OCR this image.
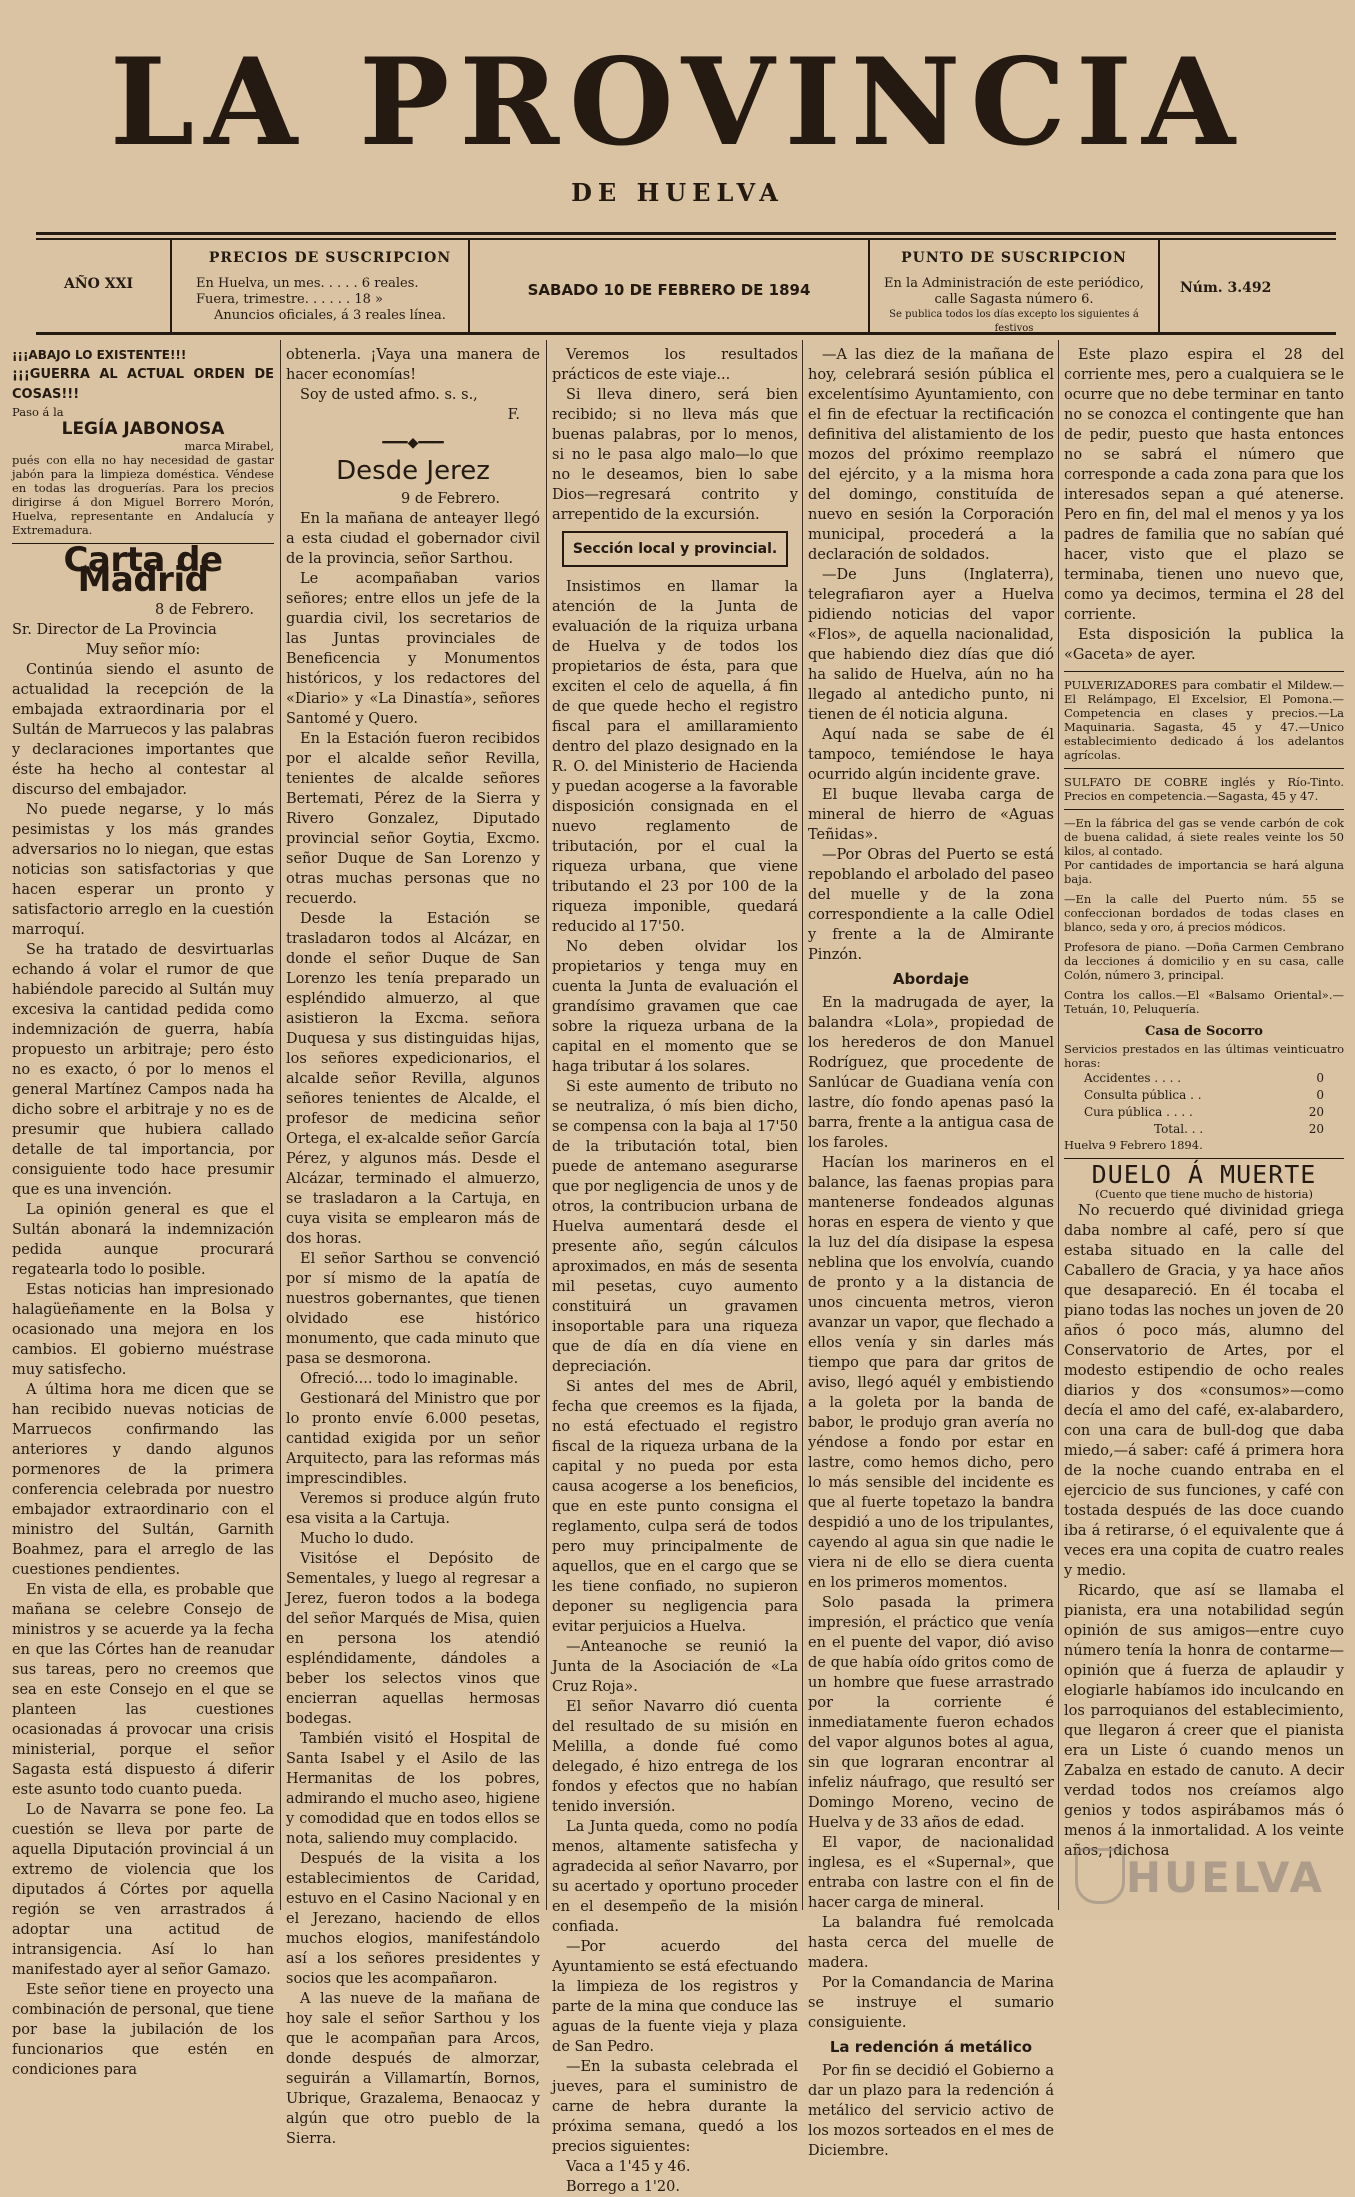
LA PROVINCIA
DE HUELVA
AÑO XXI
PRECIOS DE SUSCRIPCION
En Huelva, un mes. . . . . 6 reales.
Fuera, trimestre. . . . . . 18 »
Anuncios oficiales, á 3 reales línea.
SABADO 10 DE FEBRERO DE 1894
PUNTO DE SUSCRIPCION
En la Administración de este periódico,
calle Sagasta número 6.
Se publica todos los días excepto los siguientes á festivos
Núm. 3.492
¡¡¡ABAJO LO EXISTENTE!!!
¡¡¡GUERRA AL ACTUAL ORDEN DE COSAS!!!
Paso á la
LEGÍA JABONOSA
marca Mirabel,
pués con ella no hay necesidad de gastar jabón para la limpieza doméstica. Véndese en todas las droguerías. Para los precios dirigirse á don Miguel Borrero Morón, Huelva, representante en Andalucía y Extremadura.
Carta de Madrid
8 de Febrero.
Sr. Director de La Provincia
Muy señor mío:

Continúa siendo el asunto de actualidad la recepción de la embajada extraordinaria por el Sultán de Marruecos y las palabras y declaraciones importantes que éste ha hecho al contestar al discurso del embajador.

No puede negarse, y lo más pesimistas y los más grandes adversarios no lo niegan, que estas noticias son satisfactorias y que hacen esperar un pronto y satisfactorio arreglo en la cuestión marroquí.

Se ha tratado de desvirtuarlas echando á volar el rumor de que habiéndole parecido al Sultán muy excesiva la cantidad pedida como indemnización de guerra, había propuesto un arbitraje; pero ésto no es exacto, ó por lo menos el general Martínez Campos nada ha dicho sobre el arbitraje y no es de presumir que hubiera callado detalle de tal importancia, por consiguiente todo hace presumir que es una invención.

La opinión general es que el Sultán abonará la indemnización pedida aunque procurará regatearla todo lo posible.

Estas noticias han impresionado halagüeñamente en la Bolsa y ocasionado una mejora en los cambios. El gobierno muéstrase muy satisfecho.

A última hora me dicen que se han recibido nuevas noticias de Marruecos confirmando las anteriores y dando algunos pormenores de la primera conferencia celebrada por nuestro embajador extraordinario con el ministro del Sultán, Garnith Boahmez, para el arreglo de las cuestiones pendientes.

En vista de ella, es probable que mañana se celebre Consejo de ministros y se acuerde ya la fecha en que las Córtes han de reanudar sus tareas, pero no creemos que sea en este Consejo en el que se planteen las cuestiones ocasionadas á provocar una crisis ministerial, porque el señor Sagasta está dispuesto á diferir este asunto todo cuanto pueda.

Lo de Navarra se pone feo. La cuestión se lleva por parte de aquella Diputación provincial á un extremo de violencia que los diputados á Córtes por aquella región se ven arrastrados á adoptar una actitud de intransigencia. Así lo han manifestado ayer al señor Gamazo.

Este señor tiene en proyecto una combinación de personal, que tiene por base la jubilación de los funcionarios que estén en condiciones para

obtenerla. ¡Vaya una manera de hacer economías!

Soy de usted afmo. s. s.,

F.
━━━◆━━━
Desde Jerez
9 de Febrero.

En la mañana de anteayer llegó a esta ciudad el gobernador civil de la provincia, señor Sarthou.

Le acompañaban varios señores; entre ellos un jefe de la guardia civil, los secretarios de las Juntas provinciales de Beneficencia y Monumentos históricos, y los redactores del «Diario» y «La Dinastía», señores Santomé y Quero.

En la Estación fueron recibidos por el alcalde señor Revilla, tenientes de alcalde señores Bertemati, Pérez de la Sierra y Rivero Gonzalez, Diputado provincial señor Goytia, Excmo. señor Duque de San Lorenzo y otras muchas personas que no recuerdo.

Desde la Estación se trasladaron todos al Alcázar, en donde el señor Duque de San Lorenzo les tenía preparado un espléndido almuerzo, al que asistieron la Excma. señora Duquesa y sus distinguidas hijas, los señores expedicionarios, el alcalde señor Revilla, algunos señores tenientes de Alcalde, el profesor de medicina señor Ortega, el ex-alcalde señor García Pérez, y algunos más. Desde el Alcázar, terminado el almuerzo, se trasladaron a la Cartuja, en cuya visita se emplearon más de dos horas.

El señor Sarthou se convenció por sí mismo de la apatía de nuestros gobernantes, que tienen olvidado ese histórico monumento, que cada minuto que pasa se desmorona.

Ofreció.... todo lo imaginable.

Gestionará del Ministro que por lo pronto envíe 6.000 pesetas, cantidad exigida por un señor Arquitecto, para las reformas más imprescindibles.

Veremos si produce algún fruto esa visita a la Cartuja.

Mucho lo dudo.

Visitóse el Depósito de Sementales, y luego al regresar a Jerez, fueron todos a la bodega del señor Marqués de Misa, quien en persona los atendió espléndidamente, dándoles a beber los selectos vinos que encierran aquellas hermosas bodegas.

También visitó el Hospital de Santa Isabel y el Asilo de las Hermanitas de los pobres, admirando el mucho aseo, higiene y comodidad que en todos ellos se nota, saliendo muy complacido.

Después de la visita a los establecimientos de Caridad, estuvo en el Casino Nacional y en el Jerezano, haciendo de ellos muchos elogios, manifestándolo así a los señores presidentes y socios que les acompañaron.

A las nueve de la mañana de hoy sale el señor Sarthou y los que le acompañan para Arcos, donde después de almorzar, seguirán a Villamartín, Bornos, Ubrique, Grazalema, Benaocaz y algún que otro pueblo de la Sierra.

Veremos los resultados prácticos de este viaje...

Si lleva dinero, será bien recibido; si no lleva más que buenas palabras, por lo menos, si no le pasa algo malo—lo que no le deseamos, bien lo sabe Dios—regresará contrito y arrepentido de la excursión.

Sección local y provincial.

Insistimos en llamar la atención de la Junta de evaluación de la riquiza urbana de Huelva y de todos los propietarios de ésta, para que exciten el celo de aquella, á fin de que quede hecho el registro fiscal para el amillaramiento dentro del plazo designado en la R. O. del Ministerio de Hacienda y puedan acogerse a la favorable disposición consignada en el nuevo reglamento de tributación, por el cual la riqueza urbana, que viene tributando el 23 por 100 de la riqueza imponible, quedará reducido al 17'50.

No deben olvidar los propietarios y tenga muy en cuenta la Junta de evaluación el grandísimo gravamen que cae sobre la riqueza urbana de la capital en el momento que se haga tributar á los solares.

Si este aumento de tributo no se neutraliza, ó mís bien dicho, se compensa con la baja al 17'50 de la tributación total, bien puede de antemano asegurarse que por negligencia de unos y de otros, la contribucion urbana de Huelva aumentará desde el presente año, según cálculos aproximados, en más de sesenta mil pesetas, cuyo aumento constituirá un gravamen insoportable para una riqueza que de día en día viene en depreciación.

Si antes del mes de Abril, fecha que creemos es la fijada, no está efectuado el registro fiscal de la riqueza urbana de la capital y no pueda por esta causa acogerse a los beneficios, que en este punto consigna el reglamento, culpa será de todos pero muy principalmente de aquellos, que en el cargo que se les tiene confiado, no supieron deponer su negligencia para evitar perjuicios a Huelva.

—Anteanoche se reunió la Junta de la Asociación de «La Cruz Roja».

El señor Navarro dió cuenta del resultado de su misión en Melilla, a donde fué como delegado, é hizo entrega de los fondos y efectos que no habían tenido inversión.

La Junta queda, como no podía menos, altamente satisfecha y agradecida al señor Navarro, por su acertado y oportuno proceder en el desempeño de la misión confiada.

—Por acuerdo del Ayuntamiento se está efectuando la limpieza de los registros y parte de la mina que conduce las aguas de la fuente vieja y plaza de San Pedro.

—En la subasta celebrada el jueves, para el suministro de carne de hebra durante la próxima semana, quedó a los precios siguientes:

Vaca a 1'45 y 46.

Borrego a 1'20.

—A las diez de la mañana de hoy, celebrará sesión pública el excelentísimo Ayuntamiento, con el fin de efectuar la rectificación definitiva del alistamiento de los mozos del próximo reemplazo del ejército, y a la misma hora del domingo, constituída de nuevo en sesión la Corporación municipal, procederá a la declaración de soldados.

—De Juns (Inglaterra), telegrafiaron ayer a Huelva pidiendo noticias del vapor «Flos», de aquella nacionalidad, que habiendo diez días que dió ha salido de Huelva, aún no ha llegado al antedicho punto, ni tienen de él noticia alguna.

Aquí nada se sabe de él tampoco, temiéndose le haya ocurrido algún incidente grave.

El buque llevaba carga de mineral de hierro de «Aguas Teñidas».

—Por Obras del Puerto se está repoblando el arbolado del paseo del muelle y de la zona correspondiente a la calle Odiel y frente a la de Almirante Pinzón.

Abordaje

En la madrugada de ayer, la balandra «Lola», propiedad de los herederos de don Manuel Rodríguez, que procedente de Sanlúcar de Guadiana venía con lastre, dío fondo apenas pasó la barra, frente a la antigua casa de los faroles.

Hacían los marineros en el balance, las faenas propias para mantenerse fondeados algunas horas en espera de viento y que la luz del día disipase la espesa neblina que los envolvía, cuando de pronto y a la distancia de unos cincuenta metros, vieron avanzar un vapor, que flechado a ellos venía y sin darles más tiempo que para dar gritos de aviso, llegó aquél y embistiendo a la goleta por la banda de babor, le produjo gran avería no yéndose a fondo por estar en lastre, como hemos dicho, pero lo más sensible del incidente es que al fuerte topetazo la bandra despidió a uno de los tripulantes, cayendo al agua sin que nadie le viera ni de ello se diera cuenta en los primeros momentos.

Solo pasada la primera impresión, el práctico que venía en el puente del vapor, dió aviso de que había oído gritos como de un hombre que fuese arrastrado por la corriente é inmediatamente fueron echados del vapor algunos botes al agua, sin que lograran encontrar al infeliz náufrago, que resultó ser Domingo Moreno, vecino de Huelva y de 33 años de edad.

El vapor, de nacionalidad inglesa, es el «Supernal», que entraba con lastre con el fin de hacer carga de mineral.

La balandra fué remolcada hasta cerca del muelle de madera.

Por la Comandancia de Marina se instruye el sumario consiguiente.

La redención á metálico

Por fin se decidió el Gobierno a dar un plazo para la redención á metálico del servicio activo de los mozos sorteados en el mes de Diciembre.

Este plazo espira el 28 del corriente mes, pero a cualquiera se le ocurre que no debe terminar en tanto no se conozca el contingente que han de pedir, puesto que hasta entonces no se sabrá el número que corresponde a cada zona para que los interesados sepan a qué atenerse. Pero en fin, del mal el menos y ya los padres de familia que no sabían qué hacer, visto que el plazo se terminaba, tienen uno nuevo que, como ya decimos, termina el 28 del corriente.

Esta disposición la publica la «Gaceta» de ayer.

PULVERIZADORES para combatir el Mildew.—El Relámpago, El Excelsior, El Pomona.—Competencia en clases y precios.—La Maquinaria. Sagasta, 45 y 47.—Unico establecimiento dedicado á los adelantos agrícolas.
SULFATO DE COBRE inglés y Río-Tinto. Precios en competencia.—Sagasta, 45 y 47.
—En la fábrica del gas se vende carbón de cok de buena calidad, á siete reales veinte los 50 kilos, al contado.
Por cantidades de importancia se hará alguna baja.
—En la calle del Puerto núm. 55 se confeccionan bordados de todas clases en blanco, seda y oro, á precios módicos.
Profesora de piano. —Doña Carmen Cembrano da lecciones á domicilio y en su casa, calle Colón, número 3, principal.
Contra los callos.—El «Balsamo Oriental».—Tetuán, 10, Peluquería.
Casa de Socorro
Servicios prestados en las últimas veinticuatro horas:
Accidentes . . . .	0
Consulta pública . .	0
Cura pública . . . .	20
Total. . .	20
Huelva 9 Febrero 1894.
DUELO Á MUERTE
(Cuento que tiene mucho de historia)

No recuerdo qué divinidad griega daba nombre al café, pero sí que estaba situado en la calle del Caballero de Gracia, y ya hace años que desapareció. En él tocaba el piano todas las noches un joven de 20 años ó poco más, alumno del Conservatorio de Artes, por el modesto estipendio de ocho reales diarios y dos «consumos»—como decía el amo del café, ex-alabardero, con una cara de bull-dog que daba miedo,—á saber: café á primera hora de la noche cuando entraba en el ejercicio de sus funciones, y café con tostada después de las doce cuando iba á retirarse, ó el equivalente que á veces era una copita de cuatro reales y medio.

Ricardo, que así se llamaba el pianista, era una notabilidad según opinión de sus amigos—entre cuyo número tenía la honra de contarme—opinión que á fuerza de aplaudir y elogiarle habíamos ido inculcando en los parroquianos del establecimiento, que llegaron á creer que el pianista era un Liste ó cuando menos un Zabalza en estado de canuto. A decir verdad todos nos creíamos algo genios y todos aspirábamos más ó menos á la inmortalidad. A los veinte años, ¡dichosa

HUELVA
